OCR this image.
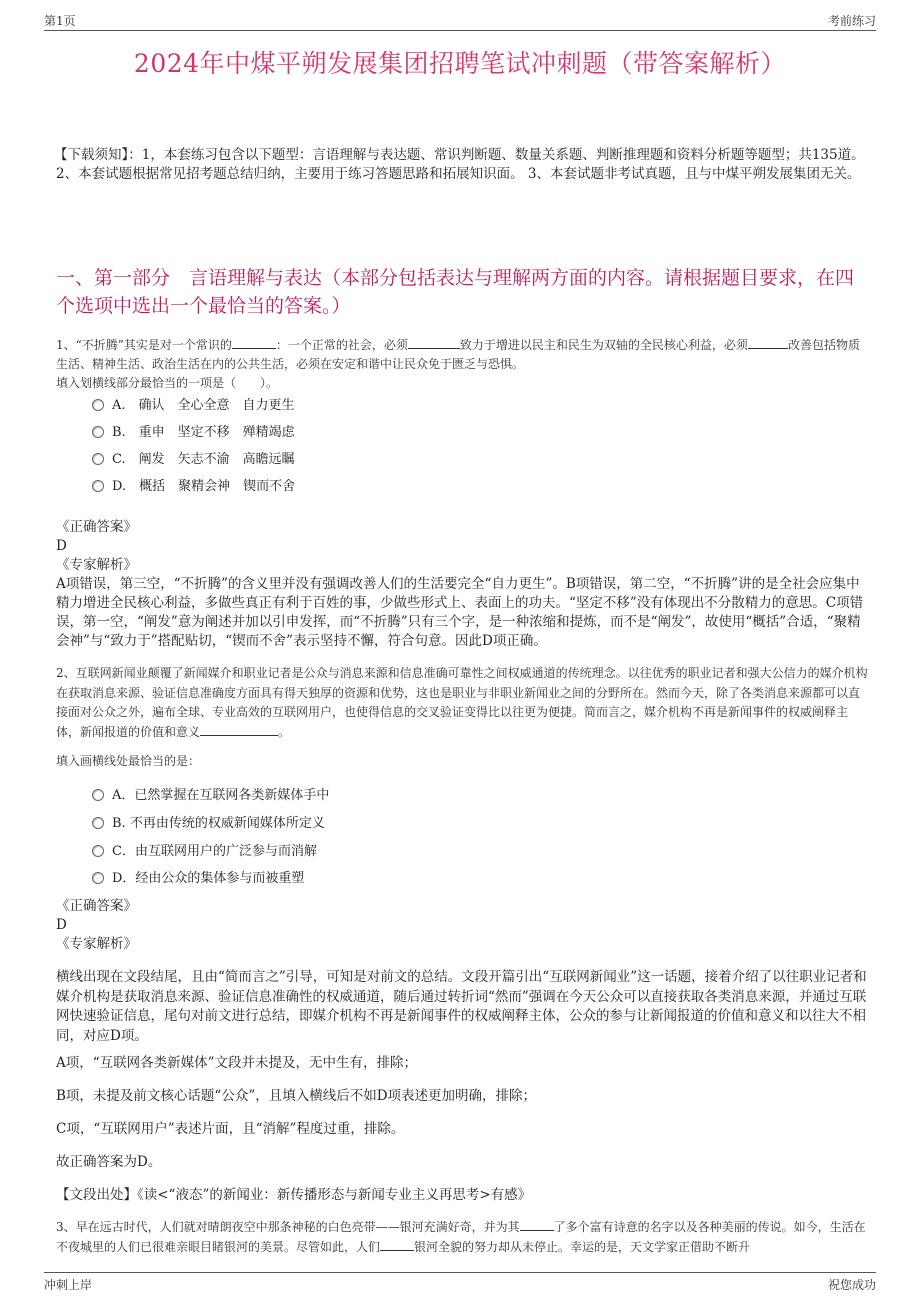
第1页	考前练习
2024年中煤平朔发展集团招聘笔试冲刺题（带答案解析）
【下载须知】：1，本套练习包含以下题型：言语理解与表达题、常识判断题、数量关系题、判断推理题和资料分析题等题型；共135道。 2、本套试题根据常见招考题总结归纳，主要用于练习答题思路和拓展知识面。 3、本套试题非考试真题，且与中煤平朔发展集团无关。
一、第一部分　言语理解与表达（本部分包括表达与理解两方面的内容。请根据题目要求，在四个选项中选出一个最恰当的答案。）
1、“不折腾”其实是对一个常识的	：一个正常的社会，必须	致力于增进以民主和民生为双轴的全民核心利益，必须	改善包括物质生活、精神生活、政治生活在内的公共生活，必须在安定和谐中让民众免于匮乏与恐惧。
填入划横线部分最恰当的一项是（　　）。
A.　确认　全心全意　自力更生
B.　重申　坚定不移　殚精竭虑
C.　阐发　矢志不渝　高瞻远瞩
D.　概括　聚精会神　锲而不舍
《正确答案》
D
《专家解析》
A项错误，第三空，“不折腾”的含义里并没有强调改善人们的生活要完全“自力更生”。B项错误，第二空，“不折腾”讲的是全社会应集中精力增进全民核心利益，多做些真正有利于百姓的事，少做些形式上、表面上的功夫。“坚定不移”没有体现出不分散精力的意思。C项错误，第一空，“阐发”意为阐述并加以引申发挥，而“不折腾”只有三个字，是一种浓缩和提炼，而不是“阐发”，故使用“概括”合适，“聚精会神”与“致力于”搭配贴切，“锲而不舍”表示坚持不懈，符合句意。因此D项正确。
2、互联网新闻业颠覆了新闻媒介和职业记者是公众与消息来源和信息准确可靠性之间权威通道的传统理念。以往优秀的职业记者和强大公信力的媒介机构在获取消息来源、验证信息准确度方面具有得天独厚的资源和优势，这也是职业与非职业新闻业之间的分野所在。然而今天，除了各类消息来源都可以直接面对公众之外，遍布全球、专业高效的互联网用户，也使得信息的交叉验证变得比以往更为便捷。简而言之，媒介机构不再是新闻事件的权威阐释主体，新闻报道的价值和意义	。
填入画横线处最恰当的是：
A．已然掌握在互联网各类新媒体手中
B. 不再由传统的权威新闻媒体所定义
C．由互联网用户的广泛参与而消解
D．经由公众的集体参与而被重塑
《正确答案》
D
《专家解析》
横线出现在文段结尾，且由“简而言之”引导，可知是对前文的总结。文段开篇引出“互联网新闻业”这一话题，接着介绍了以往职业记者和媒介机构是获取消息来源、验证信息准确性的权威通道，随后通过转折词“然而”强调在今天公众可以直接获取各类消息来源，并通过互联网快速验证信息，尾句对前文进行总结，即媒介机构不再是新闻事件的权威阐释主体，公众的参与让新闻报道的价值和意义和以往大不相同，对应D项。
A项，“互联网各类新媒体”文段并未提及，无中生有，排除；
B项，未提及前文核心话题“公众”，且填入横线后不如D项表述更加明确，排除；
C项，“互联网用户”表述片面，且“消解”程度过重，排除。
故正确答案为D。
【文段出处】《读<“液态”的新闻业：新传播形态与新闻专业主义再思考>有感》
3、早在远古时代，人们就对晴朗夜空中那条神秘的白色亮带——银河充满好奇，并为其	了多个富有诗意的名字以及各种美丽的传说。如今，生活在不夜城里的人们已很难亲眼目睹银河的美景。尽管如此，人们	银河全貌的努力却从未停止。幸运的是，天文学家正借助不断升
冲刺上岸	祝您成功
